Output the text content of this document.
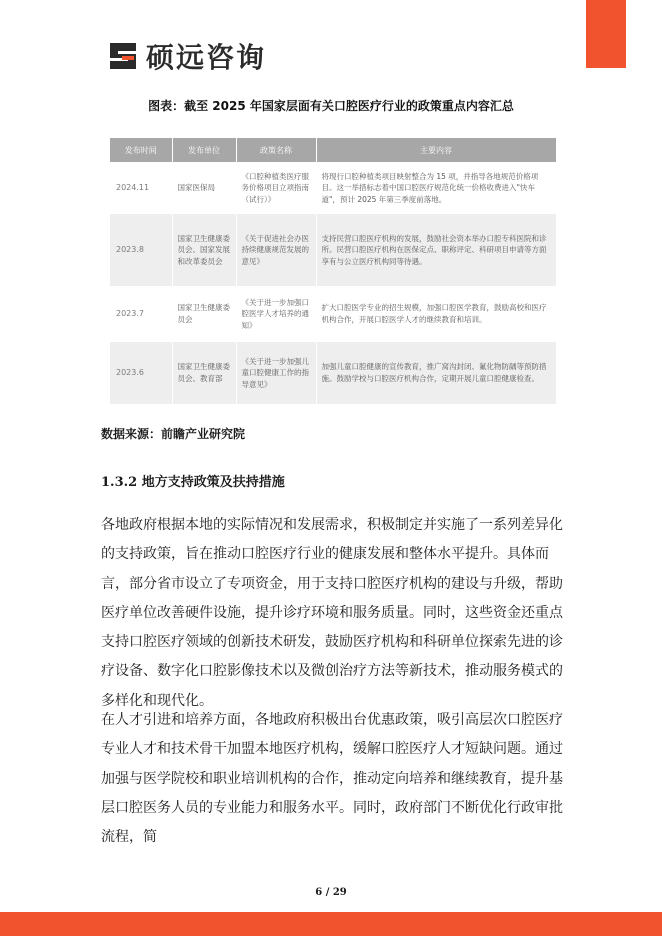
硕远咨询
图表：截至 2025 年国家层面有关口腔医疗行业的政策重点内容汇总
发布时间	发布单位	政策名称	主要内容
2024.11	国家医保局	《口腔种植类医疗服务价格项目立项指南（试行）》	将现行口腔种植类项目映射整合为 15 项，并指导各地规范价格项目。这一举措标志着中国口腔医疗规范化统一价格收费进入"快车道"，预计 2025 年第三季度前落地。
2023.8	国家卫生健康委员会、国家发展和改革委员会	《关于促进社会办医持续健康规范发展的意见》	支持民营口腔医疗机构的发展，鼓励社会资本举办口腔专科医院和诊所。民营口腔医疗机构在医保定点、职称评定、科研项目申请等方面享有与公立医疗机构同等待遇。
2023.7	国家卫生健康委员会	《关于进一步加强口腔医学人才培养的通知》	扩大口腔医学专业的招生规模，加强口腔医学教育，鼓励高校和医疗机构合作，开展口腔医学人才的继续教育和培训。
2023.6	国家卫生健康委员会、教育部	《关于进一步加强儿童口腔健康工作的指导意见》	加强儿童口腔健康的宣传教育，推广窝沟封闭、氟化物防龋等预防措施。鼓励学校与口腔医疗机构合作，定期开展儿童口腔健康检查。
数据来源：前瞻产业研究院
1.3.2 地方支持政策及扶持措施
各地政府根据本地的实际情况和发展需求，积极制定并实施了一系列差异化的支持政策，旨在推动口腔医疗行业的健康发展和整体水平提升。具体而言，部分省市设立了专项资金，用于支持口腔医疗机构的建设与升级，帮助医疗单位改善硬件设施，提升诊疗环境和服务质量。同时，这些资金还重点支持口腔医疗领域的创新技术研发，鼓励医疗机构和科研单位探索先进的诊疗设备、数字化口腔影像技术以及微创治疗方法等新技术，推动服务模式的多样化和现代化。
在人才引进和培养方面，各地政府积极出台优惠政策，吸引高层次口腔医疗专业人才和技术骨干加盟本地医疗机构，缓解口腔医疗人才短缺问题。通过加强与医学院校和职业培训机构的合作，推动定向培养和继续教育，提升基层口腔医务人员的专业能力和服务水平。同时，政府部门不断优化行政审批流程，简
6 / 29
